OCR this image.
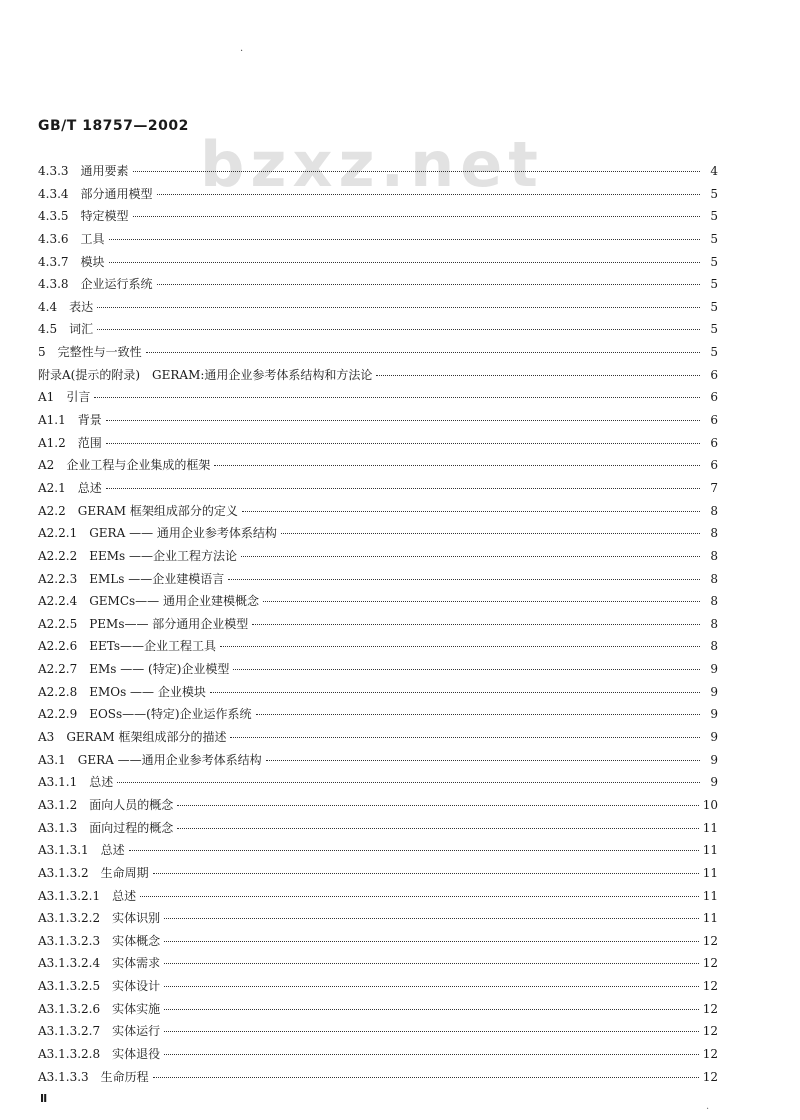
bzxz.net
·
GB/T 18757—2002
4.3.3 通用要素	4
4.3.4 部分通用模型	5
4.3.5 特定模型	5
4.3.6 工具	5
4.3.7 模块	5
4.3.8 企业运行系统	5
4.4 表达	5
4.5 词汇	5
5 完整性与一致性	5
附录A(提示的附录) GERAM:通用企业参考体系结构和方法论	6
A1 引言	6
A1.1 背景	6
A1.2 范围	6
A2 企业工程与企业集成的框架	6
A2.1 总述	7
A2.2 GERAM 框架组成部分的定义	8
A2.2.1 GERA —— 通用企业参考体系结构	8
A2.2.2 EEMs ——企业工程方法论	8
A2.2.3 EMLs ——企业建模语言	8
A2.2.4 GEMCs—— 通用企业建模概念	8
A2.2.5 PEMs—— 部分通用企业模型	8
A2.2.6 EETs——企业工程工具	8
A2.2.7 EMs —— (特定)企业模型	9
A2.2.8 EMOs —— 企业模块	9
A2.2.9 EOSs——(特定)企业运作系统	9
A3 GERAM 框架组成部分的描述	9
A3.1 GERA ——通用企业参考体系结构	9
A3.1.1 总述	9
A3.1.2 面向人员的概念	10
A3.1.3 面向过程的概念	11
A3.1.3.1 总述	11
A3.1.3.2 生命周期	11
A3.1.3.2.1 总述	11
A3.1.3.2.2 实体识别	11
A3.1.3.2.3 实体概念	12
A3.1.3.2.4 实体需求	12
A3.1.3.2.5 实体设计	12
A3.1.3.2.6 实体实施	12
A3.1.3.2.7 实体运行	12
A3.1.3.2.8 实体退役	12
A3.1.3.3 生命历程	12
Ⅱ
·
